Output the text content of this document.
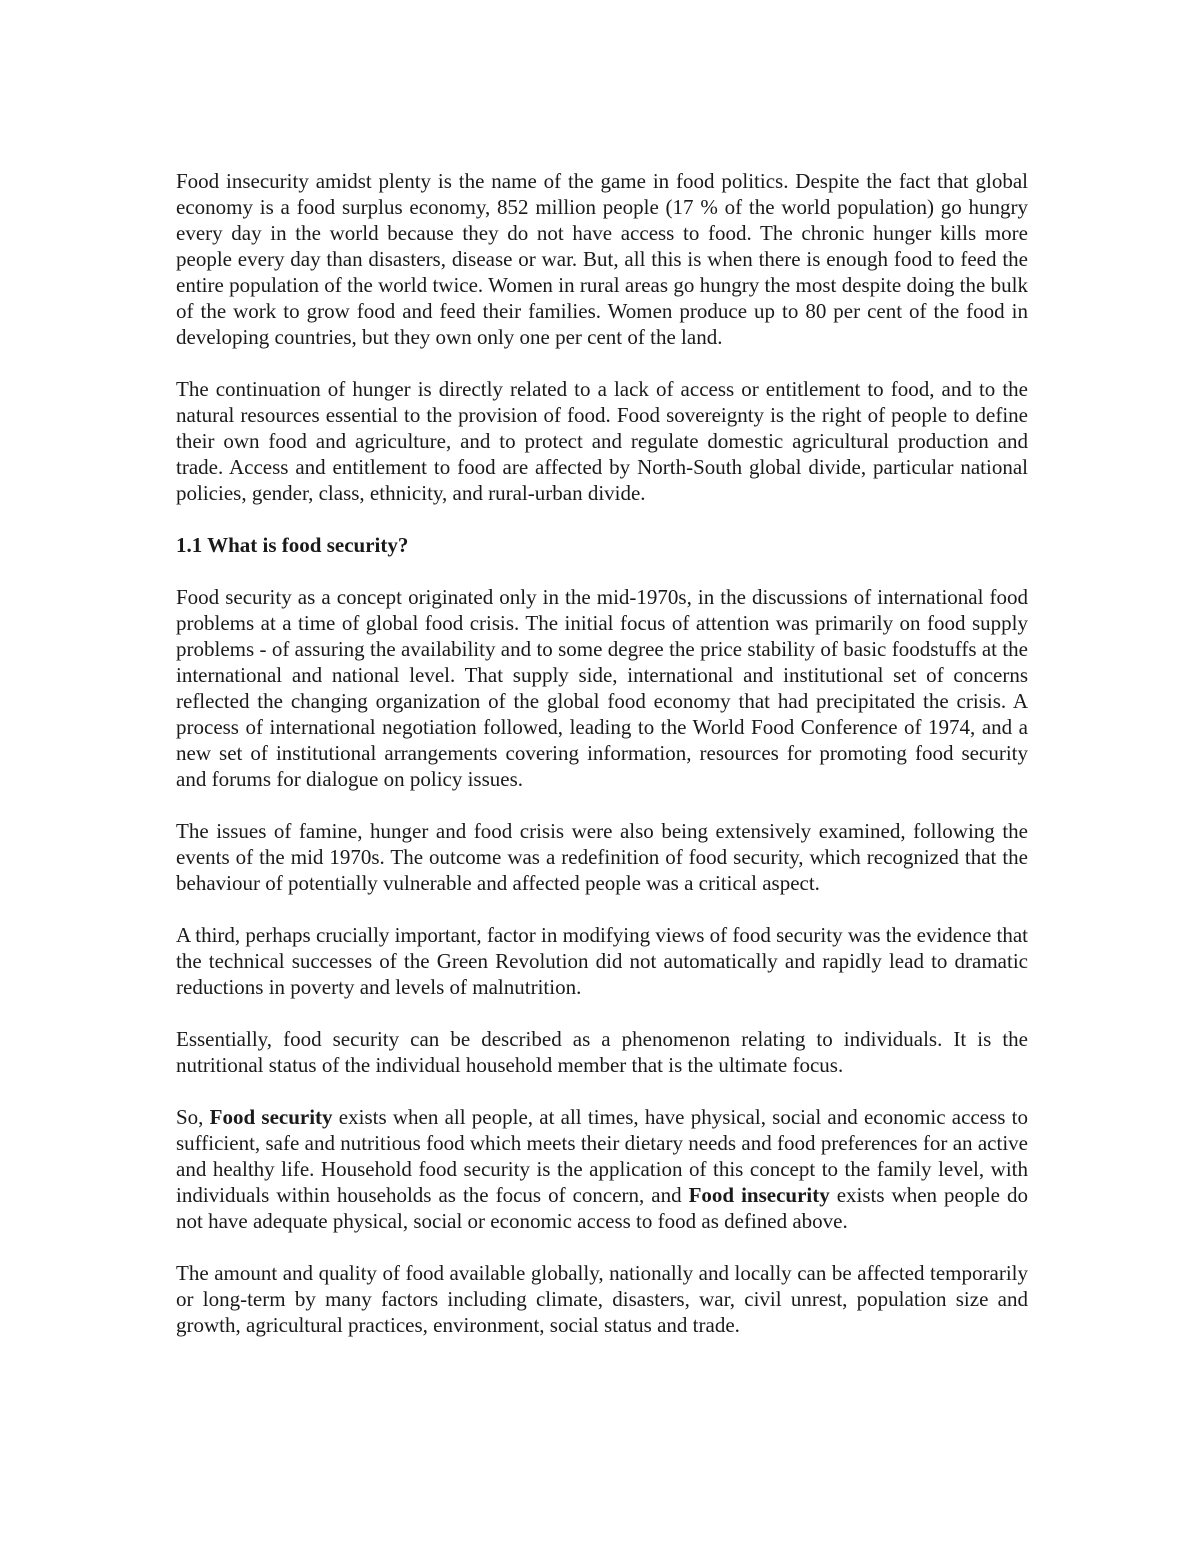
Food insecurity amidst plenty is the name of the game in food politics. Despite the fact that global economy is a food surplus economy, 852 million people (17 % of the world population) go hungry every day in the world because they do not have access to food. The chronic hunger kills more people every day than disasters, disease or war. But, all this is when there is enough food to feed the entire population of the world twice. Women in rural areas go hungry the most despite doing the bulk of the work to grow food and feed their families. Women produce up to 80 per cent of the food in developing countries, but they own only one per cent of the land.

The continuation of hunger is directly related to a lack of access or entitlement to food, and to the natural resources essential to the provision of food. Food sovereignty is the right of people to define their own food and agriculture, and to protect and regulate domestic agricultural production and trade. Access and entitlement to food are affected by North-South global divide, particular national policies, gender, class, ethnicity, and rural-urban divide.

1.1 What is food security?

Food security as a concept originated only in the mid-1970s, in the discussions of international food problems at a time of global food crisis. The initial focus of attention was primarily on food supply problems - of assuring the availability and to some degree the price stability of basic foodstuffs at the international and national level. That supply side, international and institutional set of concerns reflected the changing organization of the global food economy that had precipitated the crisis. A process of international negotiation followed, leading to the World Food Conference of 1974, and a new set of institutional arrangements covering information, resources for promoting food security and forums for dialogue on policy issues.

The issues of famine, hunger and food crisis were also being extensively examined, following the events of the mid 1970s. The outcome was a redefinition of food security, which recognized that the behaviour of potentially vulnerable and affected people was a critical aspect.

A third, perhaps crucially important, factor in modifying views of food security was the evidence that the technical successes of the Green Revolution did not automatically and rapidly lead to dramatic reductions in poverty and levels of malnutrition.

Essentially, food security can be described as a phenomenon relating to individuals. It is the nutritional status of the individual household member that is the ultimate focus.

So, Food security exists when all people, at all times, have physical, social and economic access to sufficient, safe and nutritious food which meets their dietary needs and food preferences for an active and healthy life. Household food security is the application of this concept to the family level, with individuals within households as the focus of concern, and Food insecurity exists when people do not have adequate physical, social or economic access to food as defined above.

The amount and quality of food available globally, nationally and locally can be affected temporarily or long-term by many factors including climate, disasters, war, civil unrest, population size and growth, agricultural practices, environment, social status and trade.
